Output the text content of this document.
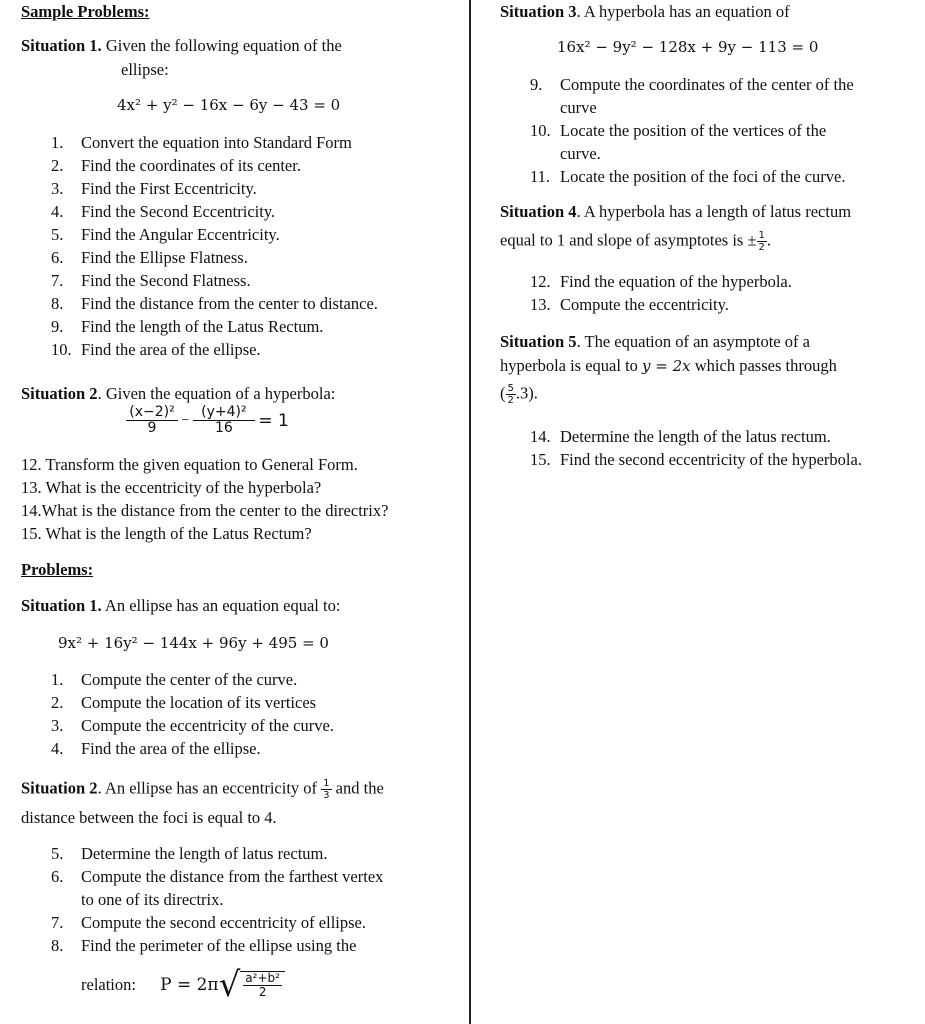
Sample Problems:
Situation 1. Given the following equation of the
ellipse:
4x² + y² − 16x − 6y − 43 = 0
1. Convert the equation into Standard Form
2. Find the coordinates of its center.
3. Find the First Eccentricity.
4. Find the Second Eccentricity.
5. Find the Angular Eccentricity.
6. Find the Ellipse Flatness.
7. Find the Second Flatness.
8. Find the distance from the center to distance.
9. Find the length of the Latus Rectum.
10. Find the area of the ellipse.
Situation 2. Given the equation of a hyperbola:
$\frac{\text{(x−2)²}}{9} - \frac{\text{(y+4)²}}{16} = 1$
12. Transform the given equation to General Form.
13. What is the eccentricity of the hyperbola?
14.What is the distance from the center to the directrix?
15. What is the length of the Latus Rectum?
Problems:
Situation 1. An ellipse has an equation equal to:
9x² + 16y² − 144x + 96y + 495 = 0
1. Compute the center of the curve.
2. Compute the location of its vertices
3. Compute the eccentricity of the curve.
4. Find the area of the ellipse.
Situation 2. An ellipse has an eccentricity of $\frac{1}{3}$ and the
distance between the foci is equal to 4.
5. Determine the length of latus rectum.
6. Compute the distance from the farthest vertex
to one of its directrix.
7. Compute the second eccentricity of ellipse.
8. Find the perimeter of the ellipse using the
relation: $P = 2\pi√ \frac{\text{a²+b²}}{2}$
Situation 3. A hyperbola has an equation of
16x² − 9y² − 128x + 9y − 113 = 0
9. Compute the coordinates of the center of the
curve
10. Locate the position of the vertices of the
curve.
11. Locate the position of the foci of the curve.
Situation 4. A hyperbola has a length of latus rectum
equal to 1 and slope of asymptotes is ± $\frac{1}{2}$ .
12. Find the equation of the hyperbola.
13. Compute the eccentricity.
Situation 5. The equation of an asymptote of a
hyperbola is equal to y = 2x which passes through
( $\frac{5}{2} .3$).
14. Determine the length of the latus rectum.
15. Find the second eccentricity of the hyperbola.
